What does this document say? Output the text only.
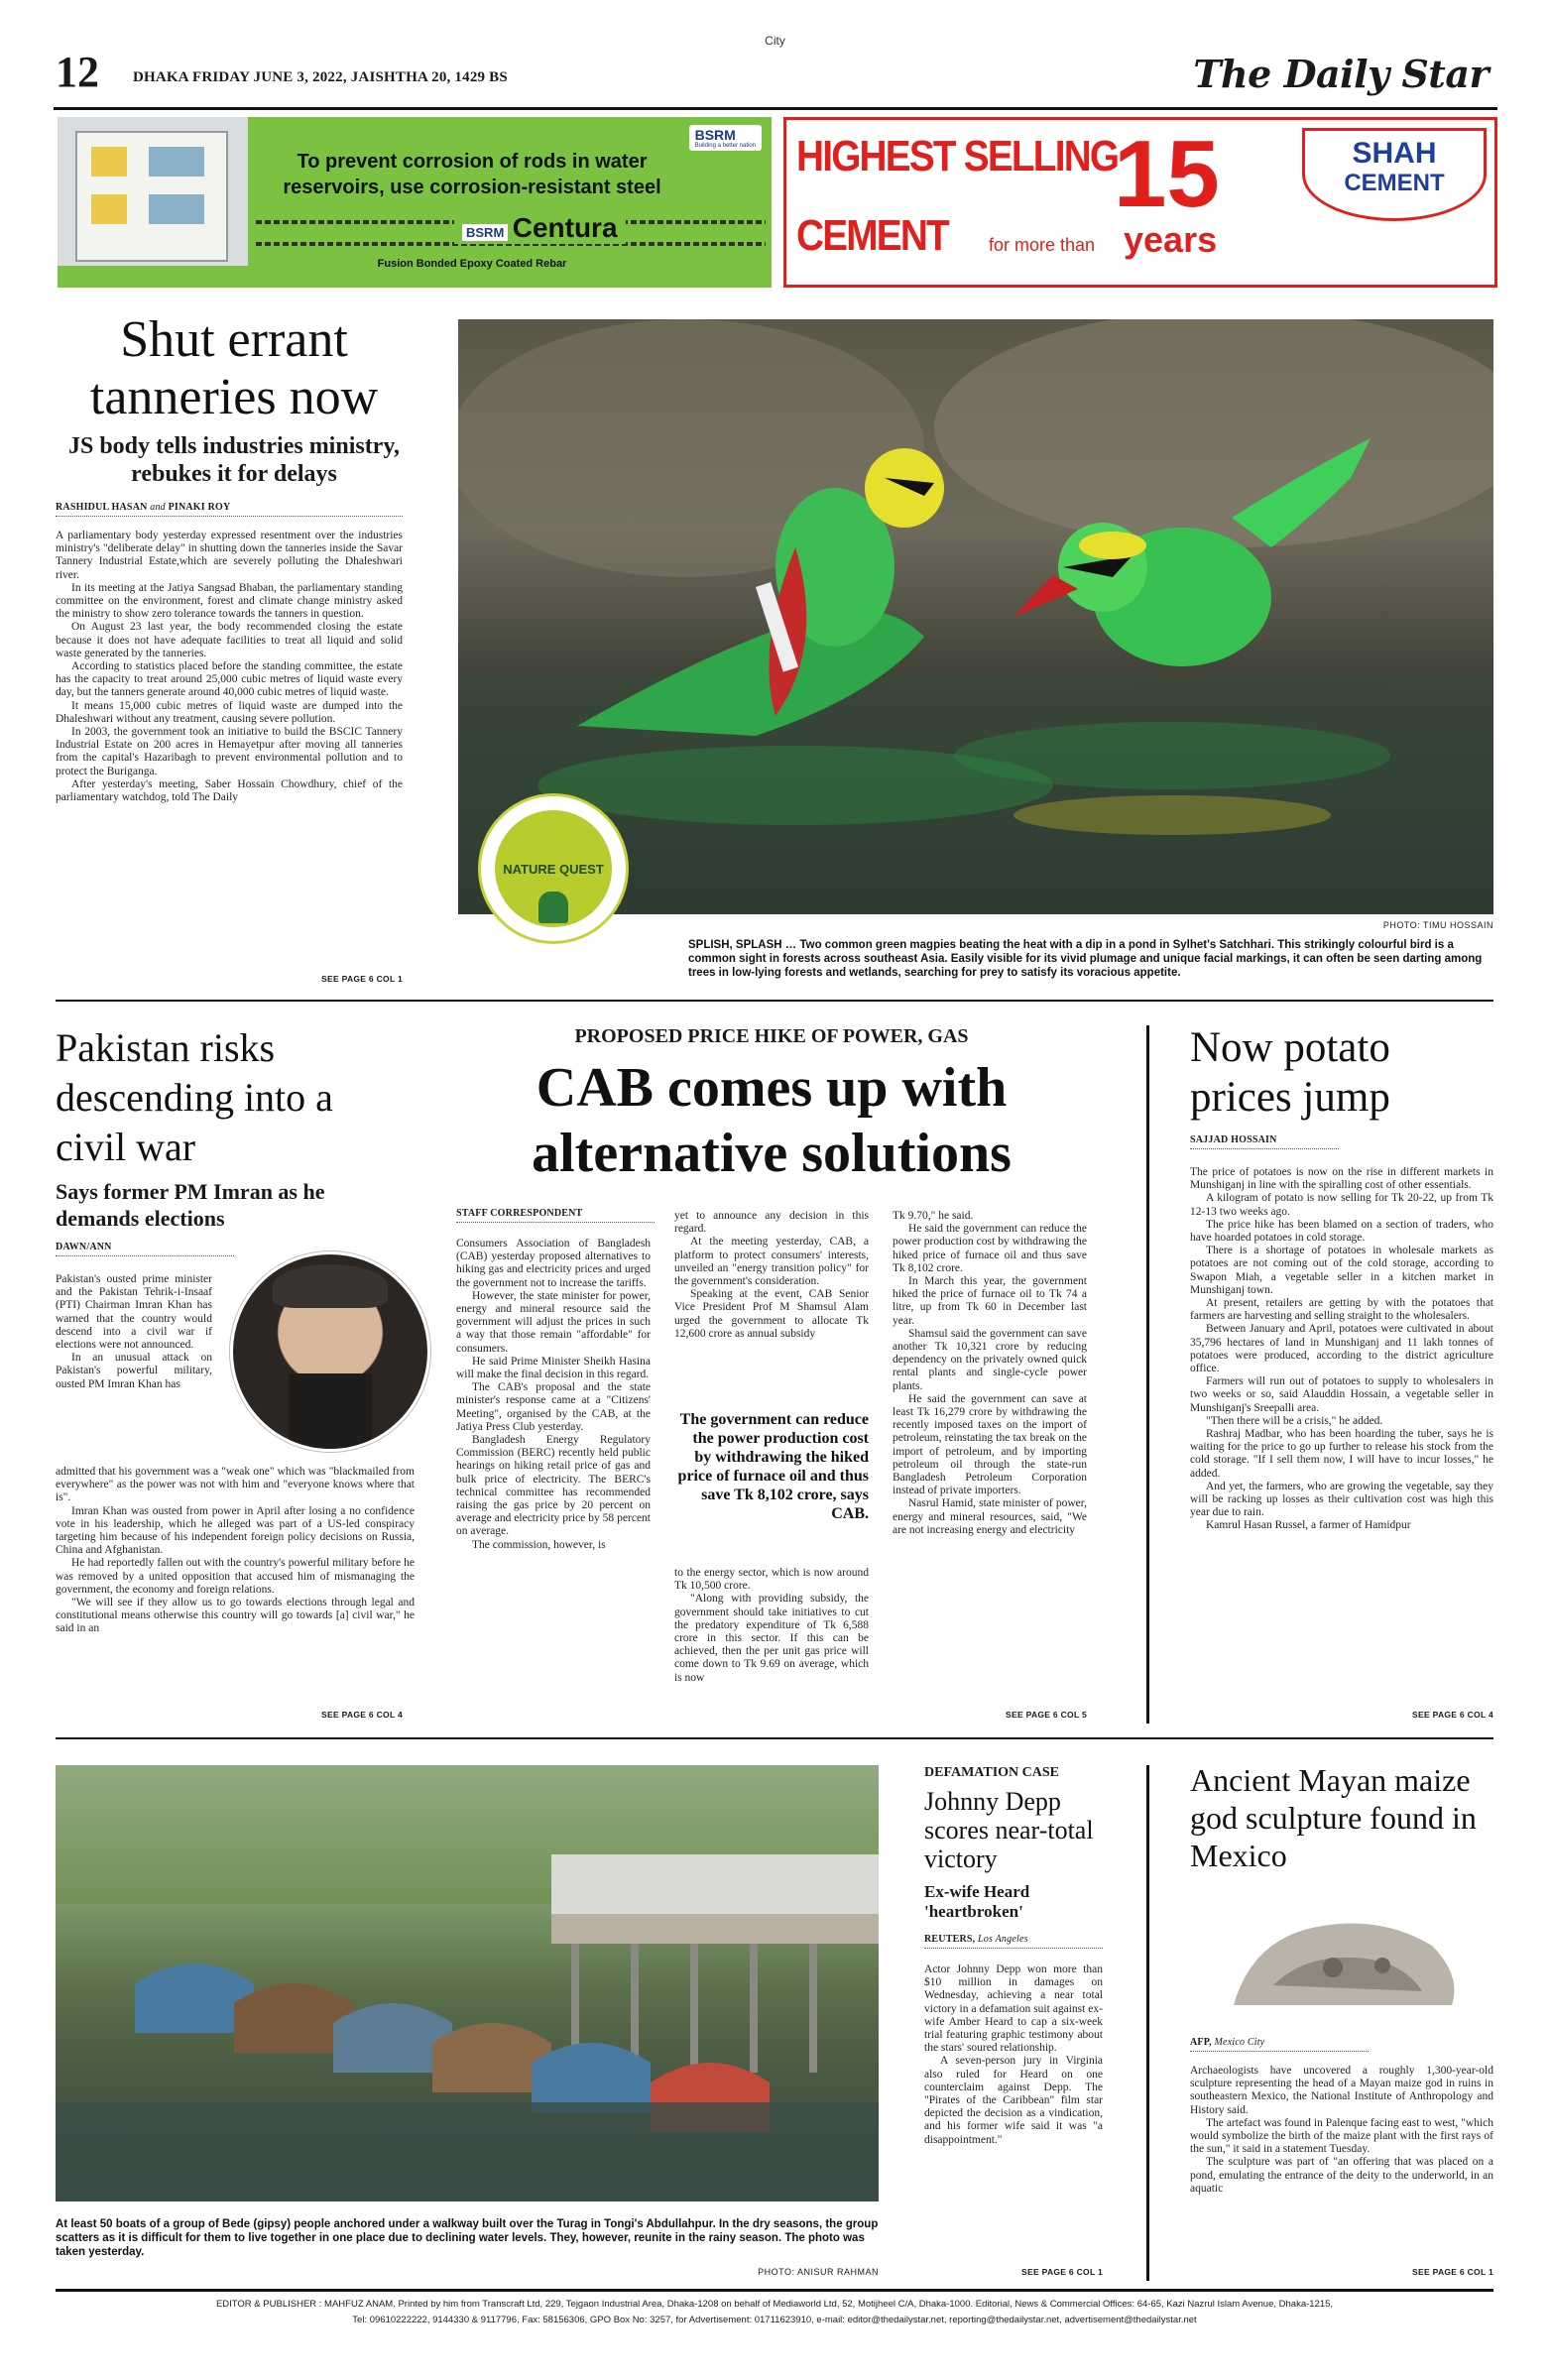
City
12 DHAKA FRIDAY JUNE 3, 2022, JAISHTHA 20, 1429 BS	The Daily Star
BSRM
Building a better nation
To prevent corrosion of rods in water reservoirs, use corrosion-resistant steel
BSRM Centura
Fusion Bonded Epoxy Coated Rebar
HIGHEST SELLING
CEMENT for more than
15
years
SHAH
CEMENT
Shut errant tanneries now
JS body tells industries ministry, rebukes it for delays
RASHIDUL HASAN and PINAKI ROY

A parliamentary body yesterday expressed resentment over the industries ministry's "deliberate delay" in shutting down the tanneries inside the Savar Tannery Industrial Estate,which are severely polluting the Dhaleshwari river.

In its meeting at the Jatiya Sangsad Bhaban, the parliamentary standing committee on the environment, forest and climate change ministry asked the ministry to show zero tolerance towards the tanners in question.

On August 23 last year, the body recommended closing the estate because it does not have adequate facilities to treat all liquid and solid waste generated by the tanneries.

According to statistics placed before the standing committee, the estate has the capacity to treat around 25,000 cubic metres of liquid waste every day, but the tanners generate around 40,000 cubic metres of liquid waste.

It means 15,000 cubic metres of liquid waste are dumped into the Dhaleshwari without any treatment, causing severe pollution.

In 2003, the government took an initiative to build the BSCIC Tannery Industrial Estate on 200 acres in Hemayetpur after moving all tanneries from the capital's Hazaribagh to prevent environmental pollution and to protect the Buriganga.

After yesterday's meeting, Saber Hossain Chowdhury, chief of the parliamentary watchdog, told The Daily

SEE PAGE 6 COL 1
NATURE QUEST
PHOTO: TIMU HOSSAIN
SPLISH, SPLASH … Two common green magpies beating the heat with a dip in a pond in Sylhet's Satchhari. This strikingly colourful bird is a common sight in forests across southeast Asia. Easily visible for its vivid plumage and unique facial markings, it can often be seen darting among trees in low-lying forests and wetlands, searching for prey to satisfy its voracious appetite.
Pakistan risks descending into a civil war
Says former PM Imran as he demands elections
DAWN/ANN

Pakistan's ousted prime minister and the Pakistan Tehrik-i-Insaaf (PTI) Chairman Imran Khan has warned that the country would descend into a civil war if elections were not announced.

In an unusual attack on Pakistan's powerful military, ousted PM Imran Khan has

admitted that his government was a "weak one" which was "blackmailed from everywhere" as the power was not with him and "everyone knows where that is".

Imran Khan was ousted from power in April after losing a no confidence vote in his leadership, which he alleged was part of a US-led conspiracy targeting him because of his independent foreign policy decisions on Russia, China and Afghanistan.

He had reportedly fallen out with the country's powerful military before he was removed by a united opposition that accused him of mismanaging the government, the economy and foreign relations.

"We will see if they allow us to go towards elections through legal and constitutional means otherwise this country will go towards [a] civil war," he said in an

SEE PAGE 6 COL 4
PROPOSED PRICE HIKE OF POWER, GAS
CAB comes up with alternative solutions
STAFF CORRESPONDENT

Consumers Association of Bangladesh (CAB) yesterday proposed alternatives to hiking gas and electricity prices and urged the government not to increase the tariffs.

However, the state minister for power, energy and mineral resource said the government will adjust the prices in such a way that those remain "affordable" for consumers.

He said Prime Minister Sheikh Hasina will make the final decision in this regard.

The CAB's proposal and the state minister's response came at a "Citizens' Meeting", organised by the CAB, at the Jatiya Press Club yesterday.

Bangladesh Energy Regulatory Commission (BERC) recently held public hearings on hiking retail price of gas and bulk price of electricity. The BERC's technical committee has recommended raising the gas price by 20 percent on average and electricity price by 58 percent on average.

The commission, however, is

yet to announce any decision in this regard.

At the meeting yesterday, CAB, a platform to protect consumers' interests, unveiled an "energy transition policy" for the government's consideration.

Speaking at the event, CAB Senior Vice President Prof M Shamsul Alam urged the government to allocate Tk 12,600 crore as annual subsidy

The government can reduce the power production cost by withdrawing the hiked price of furnace oil and thus save Tk 8,102 crore, says CAB.

to the energy sector, which is now around Tk 10,500 crore.

"Along with providing subsidy, the government should take initiatives to cut the predatory expenditure of Tk 6,588 crore in this sector. If this can be achieved, then the per unit gas price will come down to Tk 9.69 on average, which is now

Tk 9.70," he said.

He said the government can reduce the power production cost by withdrawing the hiked price of furnace oil and thus save Tk 8,102 crore.

In March this year, the government hiked the price of furnace oil to Tk 74 a litre, up from Tk 60 in December last year.

Shamsul said the government can save another Tk 10,321 crore by reducing dependency on the privately owned quick rental plants and single-cycle power plants.

He said the government can save at least Tk 16,279 crore by withdrawing the recently imposed taxes on the import of petroleum, reinstating the tax break on the import of petroleum, and by importing petroleum oil through the state-run Bangladesh Petroleum Corporation instead of private importers.

Nasrul Hamid, state minister of power, energy and mineral resources, said, "We are not increasing energy and electricity

SEE PAGE 6 COL 5
Now potato prices jump
SAJJAD HOSSAIN

The price of potatoes is now on the rise in different markets in Munshiganj in line with the spiralling cost of other essentials.

A kilogram of potato is now selling for Tk 20-22, up from Tk 12-13 two weeks ago.

The price hike has been blamed on a section of traders, who have hoarded potatoes in cold storage.

There is a shortage of potatoes in wholesale markets as potatoes are not coming out of the cold storage, according to Swapon Miah, a vegetable seller in a kitchen market in Munshiganj town.

At present, retailers are getting by with the potatoes that farmers are harvesting and selling straight to the wholesalers.

Between January and April, potatoes were cultivated in about 35,796 hectares of land in Munshiganj and 11 lakh tonnes of potatoes were produced, according to the district agriculture office.

Farmers will run out of potatoes to supply to wholesalers in two weeks or so, said Alauddin Hossain, a vegetable seller in Munshiganj's Sreepalli area.

"Then there will be a crisis," he added.

Rashraj Madbar, who has been hoarding the tuber, says he is waiting for the price to go up further to release his stock from the cold storage. "If I sell them now, I will have to incur losses," he added.

And yet, the farmers, who are growing the vegetable, say they will be racking up losses as their cultivation cost was high this year due to rain.

Kamrul Hasan Russel, a farmer of Hamidpur

SEE PAGE 6 COL 4
At least 50 boats of a group of Bede (gipsy) people anchored under a walkway built over the Turag in Tongi's Abdullahpur. In the dry seasons, the group scatters as it is difficult for them to live together in one place due to declining water levels. They, however, reunite in the rainy season. The photo was taken yesterday.
PHOTO: ANISUR RAHMAN
DEFAMATION CASE
Johnny Depp scores near-total victory
Ex-wife Heard 'heartbroken'
REUTERS, Los Angeles

Actor Johnny Depp won more than $10 million in damages on Wednesday, achieving a near total victory in a defamation suit against ex-wife Amber Heard to cap a six-week trial featuring graphic testimony about the stars' soured relationship.

A seven-person jury in Virginia also ruled for Heard on one counterclaim against Depp. The "Pirates of the Caribbean" film star depicted the decision as a vindication, and his former wife said it was "a disappointment."

SEE PAGE 6 COL 1
Ancient Mayan maize god sculpture found in Mexico
AFP, Mexico City

Archaeologists have uncovered a roughly 1,300-year-old sculpture representing the head of a Mayan maize god in ruins in southeastern Mexico, the National Institute of Anthropology and History said.

The artefact was found in Palenque facing east to west, "which would symbolize the birth of the maize plant with the first rays of the sun," it said in a statement Tuesday.

The sculpture was part of "an offering that was placed on a pond, emulating the entrance of the deity to the underworld, in an aquatic

SEE PAGE 6 COL 1
EDITOR & PUBLISHER : MAHFUZ ANAM. Printed by him from Transcraft Ltd, 229, Tejgaon Industrial Area, Dhaka-1208 on behalf of Mediaworld Ltd, 52, Motijheel C/A, Dhaka-1000. Editorial, News & Commercial Offices: 64-65, Kazi Nazrul Islam Avenue, Dhaka-1215,
Tel: 09610222222, 9144330 & 9117796, Fax: 58156306, GPO Box No: 3257, for Advertisement: 01711623910, e-mail: editor@thedailystar.net, reporting@thedailystar.net, advertisement@thedailystar.net
